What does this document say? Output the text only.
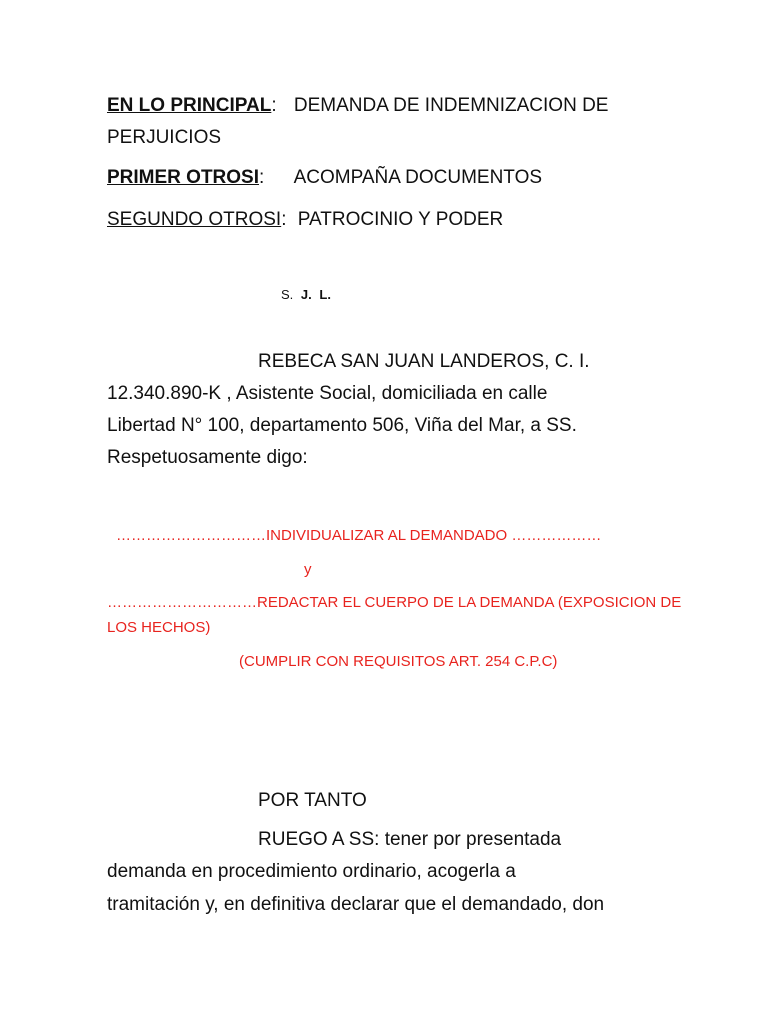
EN LO PRINCIPAL: DEMANDA DE INDEMNIZACION DE
PERJUICIOS
PRIMER OTROSI: ACOMPAÑA DOCUMENTOS
SEGUNDO OTROSI: PATROCINIO Y PODER
S. J. L.
REBECA SAN JUAN LANDEROS, C. I.
12.340.890-K , Asistente Social, domiciliada en calle
Libertad N° 100, departamento 506, Viña del Mar, a SS.
Respetuosamente digo:
…………………………INDIVIDUALIZAR AL DEMANDADO ………………
y
…………………………REDACTAR EL CUERPO DE LA DEMANDA (EXPOSICION DE
LOS HECHOS)
(CUMPLIR CON REQUISITOS ART. 254 C.P.C)
POR TANTO
RUEGO A SS: tener por presentada
demanda en procedimiento ordinario, acogerla a
tramitación y, en definitiva declarar que el demandado, don
